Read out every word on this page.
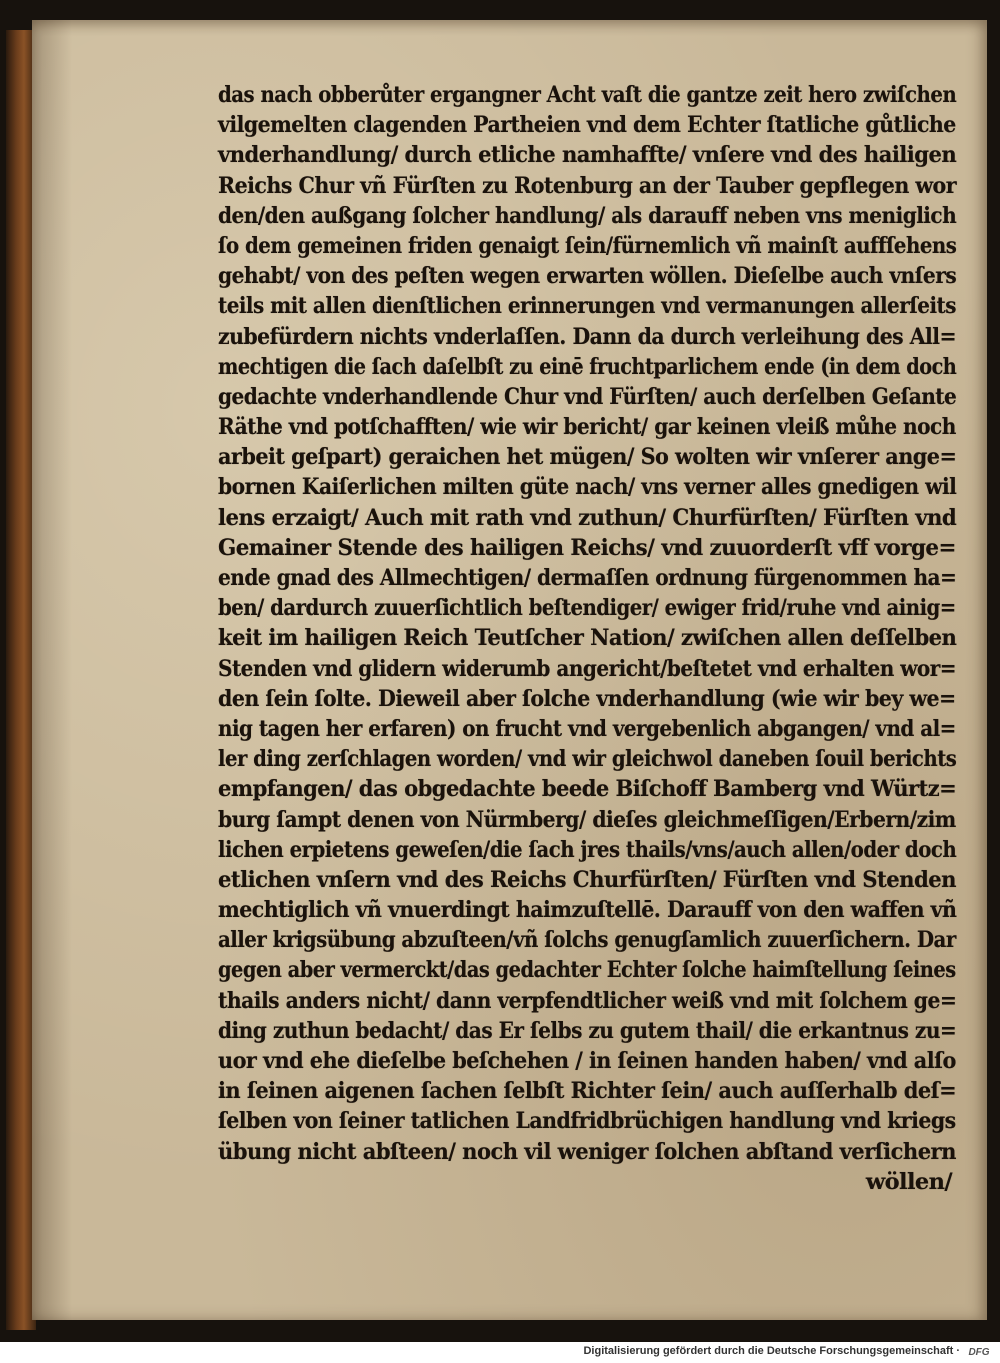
das nach obberůter ergangner Acht vaſt die gantze zeit hero zwiſchen
vilgemelten clagenden Partheien vnd dem Echter ſtatliche gůtliche
vnderhandlung/ durch etliche namhaffte/ vnſere vnd des hailigen
Reichs Chur vñ Fürſten zu Rotenburg an der Tauber gepflegen wor
den/den außgang ſolcher handlung/ als darauff neben vns meniglich
ſo dem gemeinen friden genaigt ſein/fürnemlich vñ mainſt auffſehens
gehabt/ von des peſten wegen erwarten wöllen. Dieſelbe auch vnſers
teils mit allen dienſtlichen erinnerungen vnd vermanungen allerſeits
zubefürdern nichts vnderlaſſen. Dann da durch verleihung des All=
mechtigen die ſach daſelbſt zu einē fruchtparlichem ende (in dem doch
gedachte vnderhandlende Chur vnd Fürſten/ auch derſelben Geſante
Räthe vnd potſchafften/ wie wir bericht/ gar keinen vleiß můhe noch
arbeit geſpart) geraichen het mügen/ So wolten wir vnſerer ange=
bornen Kaiſerlichen milten güte nach/ vns verner alles gnedigen wil
lens erzaigt/ Auch mit rath vnd zuthun/ Churfürſten/ Fürſten vnd
Gemainer Stende des hailigen Reichs/ vnd zuuorderſt vff vorge=
ende gnad des Allmechtigen/ dermaſſen ordnung fürgenommen ha=
ben/ dardurch zuuerſichtlich beſtendiger/ ewiger frid/ruhe vnd ainig=
keit im hailigen Reich Teutſcher Nation/ zwiſchen allen deſſelben
Stenden vnd glidern widerumb angericht/beſtetet vnd erhalten wor=
den ſein ſolte. Dieweil aber ſolche vnderhandlung (wie wir bey we=
nig tagen her erfaren) on frucht vnd vergebenlich abgangen/ vnd al=
ler ding zerſchlagen worden/ vnd wir gleichwol daneben ſouil berichts
empfangen/ das obgedachte beede Biſchoff Bamberg vnd Würtz=
burg ſampt denen von Nürmberg/ dieſes gleichmeſſigen/Erbern/zim
lichen erpietens geweſen/die ſach jres thails/vns/auch allen/oder doch
etlichen vnſern vnd des Reichs Churfürſten/ Fürſten vnd Stenden
mechtiglich vñ vnuerdingt haimzuſtellē. Darauff von den waffen vñ
aller krigsübung abzuſteen/vñ ſolchs genugſamlich zuuerſichern. Dar
gegen aber vermerckt/das gedachter Echter ſolche haimſtellung ſeines
thails anders nicht/ dann verpfendtlicher weiß vnd mit ſolchem ge=
ding zuthun bedacht/ das Er ſelbs zu gutem thail/ die erkantnus zu=
uor vnd ehe dieſelbe beſchehen / in ſeinen handen haben/ vnd alſo
in ſeinen aigenen ſachen ſelbſt Richter ſein/ auch auſſerhalb deſ=
ſelben von ſeiner tatlichen Landfridbrüchigen handlung vnd kriegs
übung nicht abſteen/ noch vil weniger ſolchen abſtand verſichern
wöllen/
Digitalisierung gefördert durch die Deutsche Forschungsgemeinschaft · DFG
